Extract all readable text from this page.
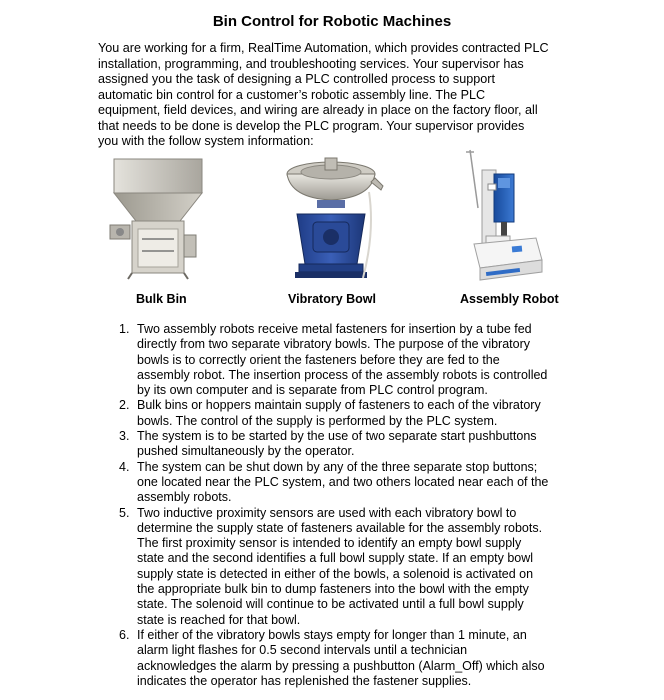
Bin Control for Robotic Machines
You are working for a firm, RealTime Automation, which provides contracted PLC
installation, programming, and troubleshooting services. Your supervisor has
assigned you the task of designing a PLC controlled process to support
automatic bin control for a customer’s robotic assembly line. The PLC
equipment, field devices, and wiring are already in place on the factory floor, all
that needs to be done is develop the PLC program. Your supervisor provides
you with the follow system information:
Bulk Bin	Vibratory Bowl	Assembly Robot
1. Two assembly robots receive metal fasteners for insertion by a tube fed
directly from two separate vibratory bowls. The purpose of the vibratory
bowls is to correctly orient the fasteners before they are fed to the
assembly robot. The insertion process of the assembly robots is controlled
by its own computer and is separate from PLC control program.
2. Bulk bins or hoppers maintain supply of fasteners to each of the vibratory
bowls. The control of the supply is performed by the PLC system.
3. The system is to be started by the use of two separate start pushbuttons
pushed simultaneously by the operator.
4. The system can be shut down by any of the three separate stop buttons;
one located near the PLC system, and two others located near each of the
assembly robots.
5. Two inductive proximity sensors are used with each vibratory bowl to
determine the supply state of fasteners available for the assembly robots.
The first proximity sensor is intended to identify an empty bowl supply
state and the second identifies a full bowl supply state. If an empty bowl
supply state is detected in either of the bowls, a solenoid is activated on
the appropriate bulk bin to dump fasteners into the bowl with the empty
state. The solenoid will continue to be activated until a full bowl supply
state is reached for that bowl.
6. If either of the vibratory bowls stays empty for longer than 1 minute, an
alarm light flashes for 0.5 second intervals until a technician
acknowledges the alarm by pressing a pushbutton (Alarm_Off) which also
indicates the operator has replenished the fastener supplies.
